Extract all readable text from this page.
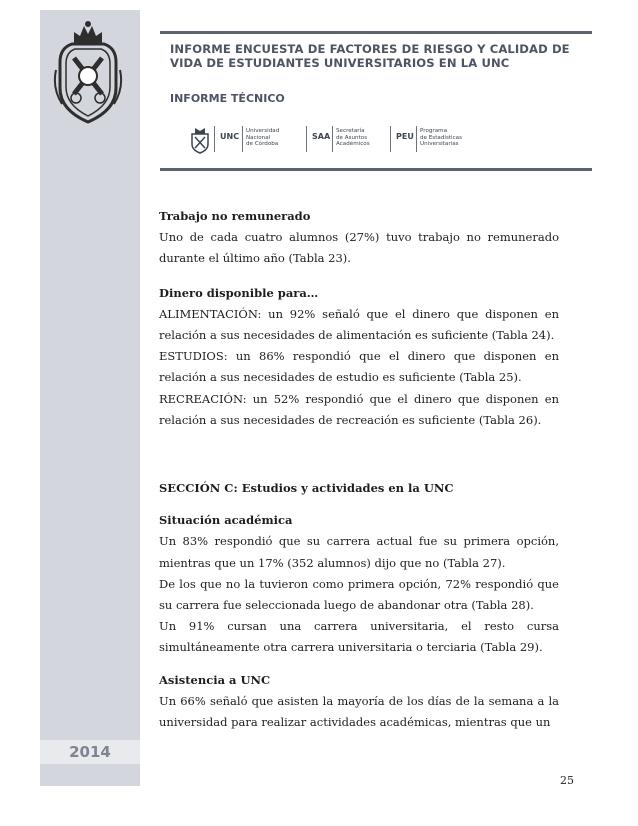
INFORME ENCUESTA DE FACTORES DE RIESGO Y CALIDAD DE
VIDA DE ESTUDIANTES UNIVERSITARIOS EN LA UNC
INFORME TÉCNICO
UNC
Universidad
Nacional
de Córdoba
SAA
Secretaría
de Asuntos
Académicos
PEU
Programa
de Estadísticas
Universitarias

Trabajo no remunerado

Uno de cada cuatro alumnos (27%) tuvo trabajo no remunerado durante el último año (Tabla 23).

Dinero disponible para…

ALIMENTACIÓN: un 92% señaló que el dinero que disponen en relación a sus necesidades de alimentación es suficiente (Tabla 24).

ESTUDIOS: un 86% respondió que el dinero que disponen en relación a sus necesidades de estudio es suficiente (Tabla 25).

RECREACIÓN: un 52% respondió que el dinero que disponen en relación a sus necesidades de recreación es suficiente (Tabla 26).

SECCIÓN C: Estudios y actividades en la UNC

Situación académica

Un 83% respondió que su carrera actual fue su primera opción, mientras que un 17% (352 alumnos) dijo que no (Tabla 27).

De los que no la tuvieron como primera opción, 72% respondió que su carrera fue seleccionada luego de abandonar otra (Tabla 28).

Un 91% cursan una carrera universitaria, el resto cursa simultáneamente otra carrera universitaria o terciaria (Tabla 29).

Asistencia a UNC

Un 66% señaló que asisten la mayoría de los días de la semana a la universidad para realizar actividades académicas, mientras que un

2014
25
